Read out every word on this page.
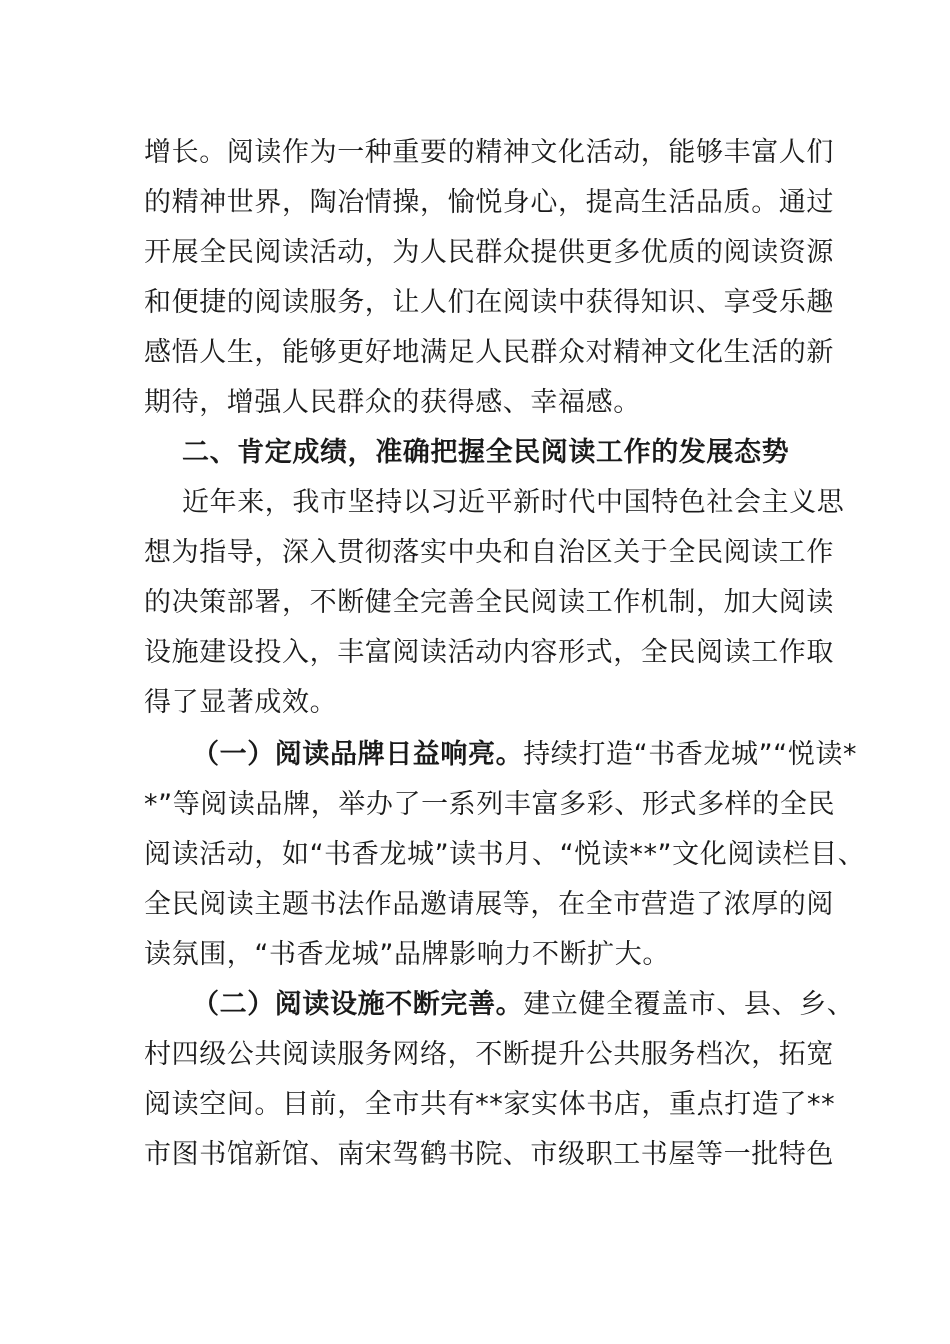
增长。阅读作为一种重要的精神文化活动，能够丰富人们
的精神世界，陶冶情操，愉悦身心，提高生活品质。通过
开展全民阅读活动，为人民群众提供更多优质的阅读资源
和便捷的阅读服务，让人们在阅读中获得知识、享受乐趣
感悟人生，能够更好地满足人民群众对精神文化生活的新
期待，增强人民群众的获得感、幸福感。
二、肯定成绩，准确把握全民阅读工作的发展态势
近年来，我市坚持以习近平新时代中国特色社会主义思
想为指导，深入贯彻落实中央和自治区关于全民阅读工作
的决策部署，不断健全完善全民阅读工作机制，加大阅读
设施建设投入，丰富阅读活动内容形式，全民阅读工作取
得了显著成效。
（一）阅读品牌日益响亮。持续打造“书香龙城”“悦读*
*”等阅读品牌，举办了一系列丰富多彩、形式多样的全民
阅读活动，如“书香龙城”读书月、“悦读**”文化阅读栏目、
全民阅读主题书法作品邀请展等，在全市营造了浓厚的阅
读氛围，“书香龙城”品牌影响力不断扩大。
（二）阅读设施不断完善。建立健全覆盖市、县、乡、
村四级公共阅读服务网络，不断提升公共服务档次，拓宽
阅读空间。目前，全市共有**家实体书店，重点打造了**
市图书馆新馆、南宋驾鹤书院、市级职工书屋等一批特色
